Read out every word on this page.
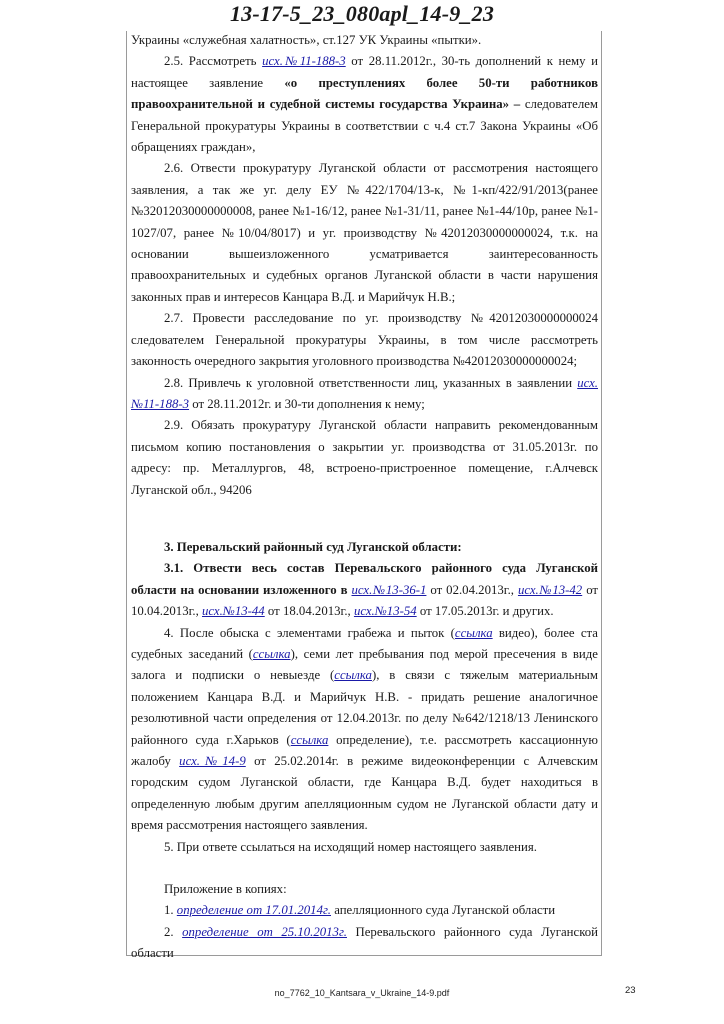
13-17-5_23_080apl_14-9_23

Украины «служебная халатность», ст.127 УК Украины «пытки».

2.5. Рассмотреть исх.№11-188-3 от 28.11.2012г., 30-ть дополнений к нему и настоящее заявление «о преступлениях более 50-ти работников правоохранительной и судебной системы государства Украина» – следователем Генеральной прокуратуры Украины в соответствии с ч.4 ст.7 Закона Украины «Об обращениях граждан»,

2.6. Отвести прокуратуру Луганской области от рассмотрения настоящего заявления, а так же уг. делу ЕУ №422/1704/13-к, №1-кп/422/91/2013(ранее №32012030000000008, ранее №1-16/12, ранее №1-31/11, ранее №1-44/10р, ранее №1-1027/07, ранее №10/04/8017) и уг. производству №42012030000000024, т.к. на основании вышеизложенного усматривается заинтересованность правоохранительных и судебных органов Луганской области в части нарушения законных прав и интересов Канцара В.Д. и Марийчук Н.В.;

2.7. Провести расследование по уг. производству №42012030000000024 следователем Генеральной прокуратуры Украины, в том числе рассмотреть законность очередного закрытия уголовного производства №42012030000000024;

2.8. Привлечь к уголовной ответственности лиц, указанных в заявлении исх.№11-188-3 от 28.11.2012г. и 30-ти дополнения к нему;

2.9. Обязать прокуратуру Луганской области направить рекомендованным письмом копию постановления о закрытии уг. производства от 31.05.2013г. по адресу: пр. Металлургов, 48, встроено-пристроенное помещение, г.Алчевск Луганской обл., 94206

3. Перевальский районный суд Луганской области:

3.1. Отвести весь состав Перевальского районного суда Луганской области на основании изложенного в исх.№13-36-1 от 02.04.2013г., исх.№13-42 от 10.04.2013г., исх.№13-44 от 18.04.2013г., исх.№13-54 от 17.05.2013г. и других.

4. После обыска с элементами грабежа и пыток (ссылка видео), более ста судебных заседаний (ссылка), семи лет пребывания под мерой пресечения в виде залога и подписки о невыезде (ссылка), в связи с тяжелым материальным положением Канцара В.Д. и Марийчук Н.В. - придать решение аналогичное резолютивной части определения от 12.04.2013г. по делу №642/1218/13 Ленинского районного суда г.Харьков (ссылка определение), т.е. рассмотреть кассационную жалобу исх.№14-9 от 25.02.2014г. в режиме видеоконференции с Алчевским городским судом Луганской области, где Канцара В.Д. будет находиться в определенную любым другим апелляционным судом не Луганской области дату и время рассмотрения настоящего заявления.

5. При ответе ссылаться на исходящий номер настоящего заявления.

Приложение в копиях:

1. определение от 17.01.2014г. апелляционного суда Луганской области

2. определение от 25.10.2013г. Перевальского районного суда Луганской области

no_7762_10_Kantsara_v_Ukraine_14-9.pdf	23
